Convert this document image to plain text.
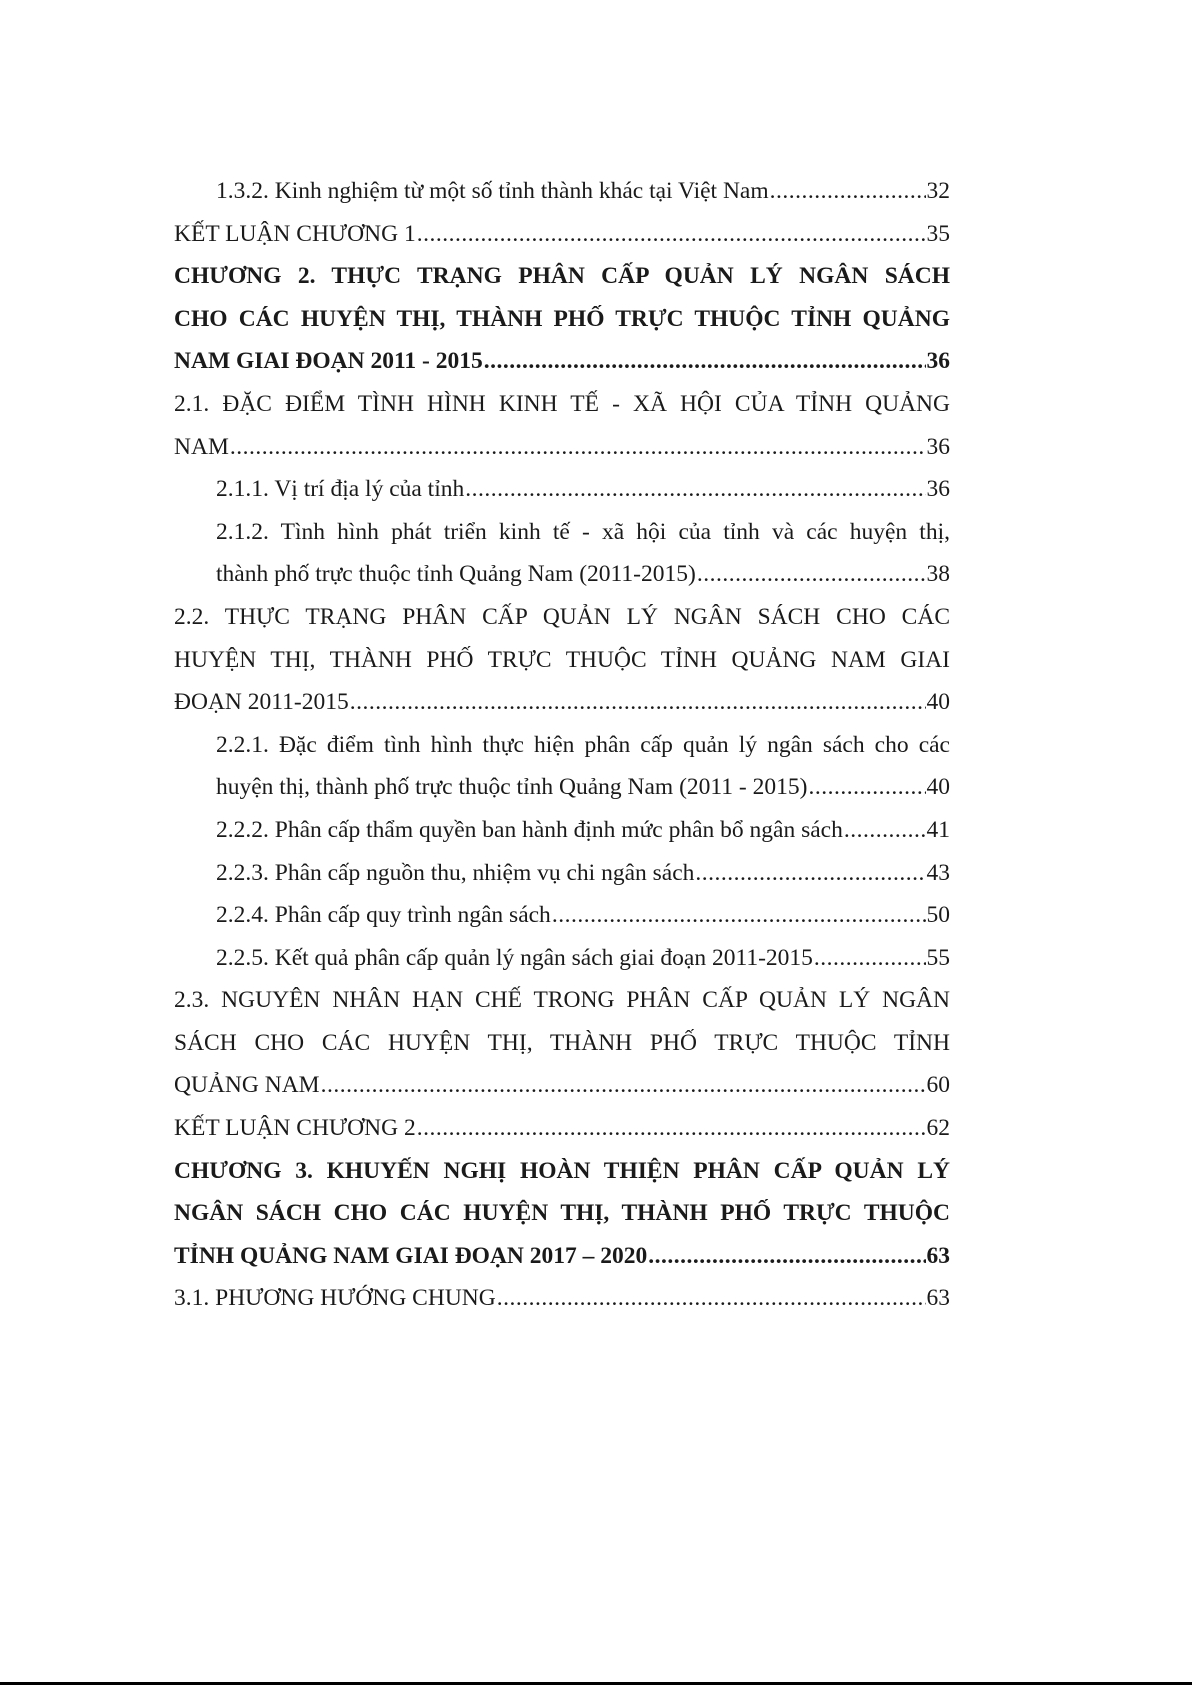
1.3.2. Kinh nghiệm từ một số tỉnh thành khác tại Việt Nam .....	32
KẾT LUẬN CHƯƠNG 1 .....	35
CHƯƠNG 2. THỰC TRẠNG PHÂN CẤP QUẢN LÝ NGÂN SÁCH
CHO CÁC HUYỆN THỊ, THÀNH PHỐ TRỰC THUỘC TỈNH QUẢNG
NAM GIAI ĐOẠN 2011 - 2015 .....	36
2.1. ĐẶC ĐIỂM TÌNH HÌNH KINH TẾ - XÃ HỘI CỦA TỈNH QUẢNG
NAM .....	36
2.1.1. Vị trí địa lý của tỉnh .....	36
2.1.2. Tình hình phát triển kinh tế - xã hội của tỉnh và các huyện thị,
thành phố trực thuộc tỉnh Quảng Nam (2011-2015) .....	38
2.2. THỰC TRẠNG PHÂN CẤP QUẢN LÝ NGÂN SÁCH CHO CÁC
HUYỆN THỊ, THÀNH PHỐ TRỰC THUỘC TỈNH QUẢNG NAM GIAI
ĐOẠN 2011-2015 .....	40
2.2.1. Đặc điểm tình hình thực hiện phân cấp quản lý ngân sách cho các
huyện thị, thành phố trực thuộc tỉnh Quảng Nam (2011 - 2015) .....	40
2.2.2. Phân cấp thẩm quyền ban hành định mức phân bổ ngân sách .....	41
2.2.3. Phân cấp nguồn thu, nhiệm vụ chi ngân sách .....	43
2.2.4. Phân cấp quy trình ngân sách .....	50
2.2.5. Kết quả phân cấp quản lý ngân sách giai đoạn 2011-2015 .....	55
2.3. NGUYÊN NHÂN HẠN CHẾ TRONG PHÂN CẤP QUẢN LÝ NGÂN
SÁCH CHO CÁC HUYỆN THỊ, THÀNH PHỐ TRỰC THUỘC TỈNH
QUẢNG NAM .....	60
KẾT LUẬN CHƯƠNG 2 .....	62
CHƯƠNG 3. KHUYẾN NGHỊ HOÀN THIỆN PHÂN CẤP QUẢN LÝ
NGÂN SÁCH CHO CÁC HUYỆN THỊ, THÀNH PHỐ TRỰC THUỘC
TỈNH QUẢNG NAM GIAI ĐOẠN 2017 – 2020 .....	63
3.1. PHƯƠNG HƯỚNG CHUNG .....	63
